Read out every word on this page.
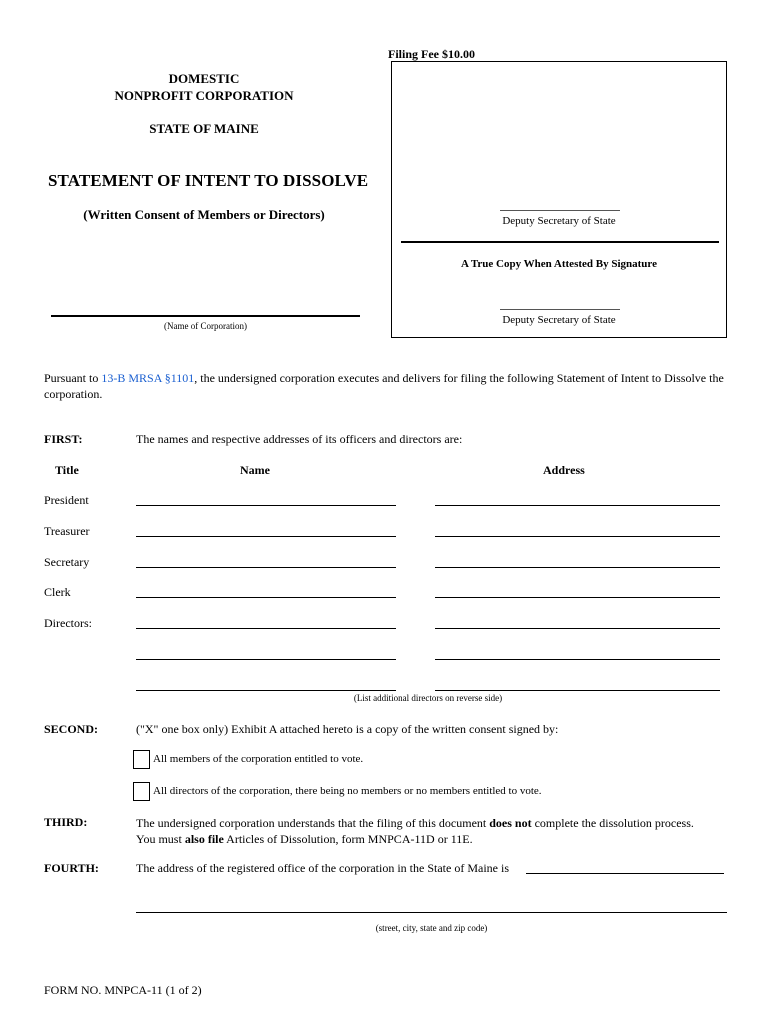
Filing Fee $10.00
DOMESTIC
NONPROFIT CORPORATION
STATE OF MAINE
STATEMENT OF INTENT TO DISSOLVE
(Written Consent of Members or Directors)	Deputy Secretary of State
A True Copy When Attested By Signature
Deputy Secretary of State
(Name of Corporation)
Pursuant to 13-B MRSA §1101, the undersigned corporation executes and delivers for filing the following Statement of Intent to Dissolve the corporation.
FIRST:	The names and respective addresses of its officers and directors are:
Title	Name	Address
President
Treasurer
Secretary
Clerk
Directors:
(List additional directors on reverse side)
SECOND:	("X" one box only) Exhibit A attached hereto is a copy of the written consent signed by:
All members of the corporation entitled to vote.
All directors of the corporation, there being no members or no members entitled to vote.
THIRD:	The undersigned corporation understands that the filing of this document does not complete the dissolution process.
You must also file Articles of Dissolution, form MNPCA-11D or 11E.
FOURTH:	The address of the registered office of the corporation in the State of Maine is
(street, city, state and zip code)
FORM NO. MNPCA-11 (1 of 2)
